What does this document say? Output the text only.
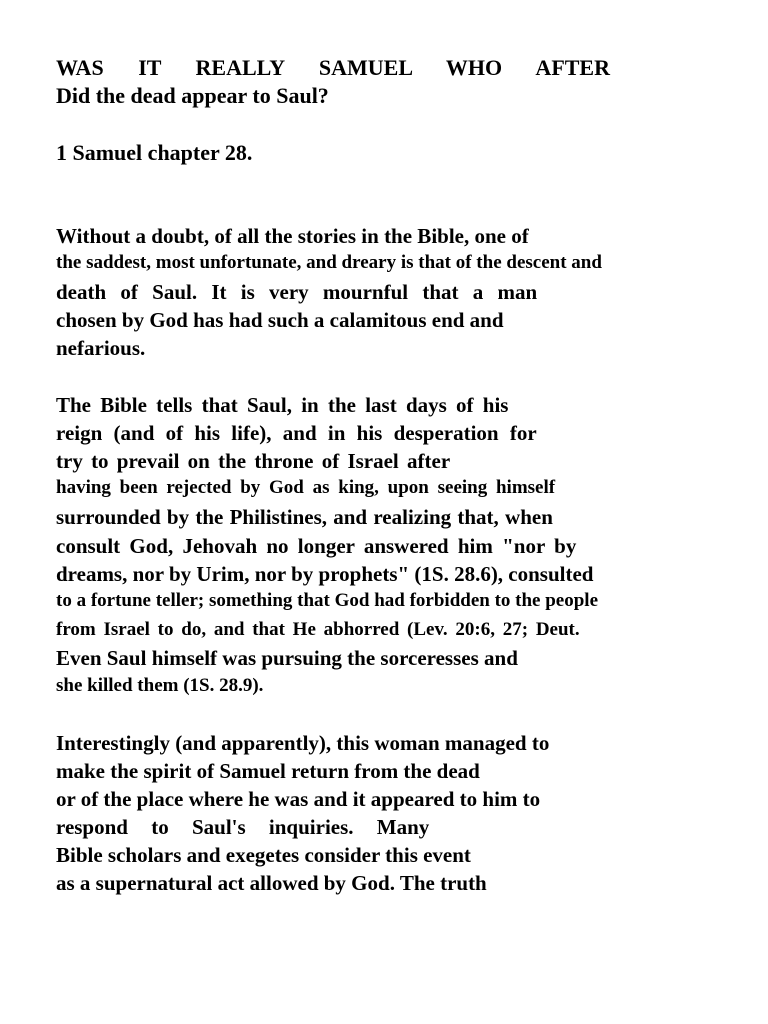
WAS IT REALLY SAMUEL WHO AFTER
Did the dead appear to Saul?
1 Samuel chapter 28.
Without a doubt, of all the stories in the Bible, one of
the saddest, most unfortunate, and dreary is that of the descent and
death of Saul. It is very mournful that a man
chosen by God has had such a calamitous end and
nefarious.
The Bible tells that Saul, in the last days of his
reign (and of his life), and in his desperation for
try to prevail on the throne of Israel after
having been rejected by God as king, upon seeing himself
surrounded by the Philistines, and realizing that, when
consult God, Jehovah no longer answered him "nor by
dreams, nor by Urim, nor by prophets" (1S. 28.6), consulted
to a fortune teller; something that God had forbidden to the people
from Israel to do, and that He abhorred (Lev. 20:6, 27; Deut.
Even Saul himself was pursuing the sorceresses and
she killed them (1S. 28.9).
Interestingly (and apparently), this woman managed to
make the spirit of Samuel return from the dead
or of the place where he was and it appeared to him to
respond to Saul's inquiries. Many
Bible scholars and exegetes consider this event
as a supernatural act allowed by God. The truth
